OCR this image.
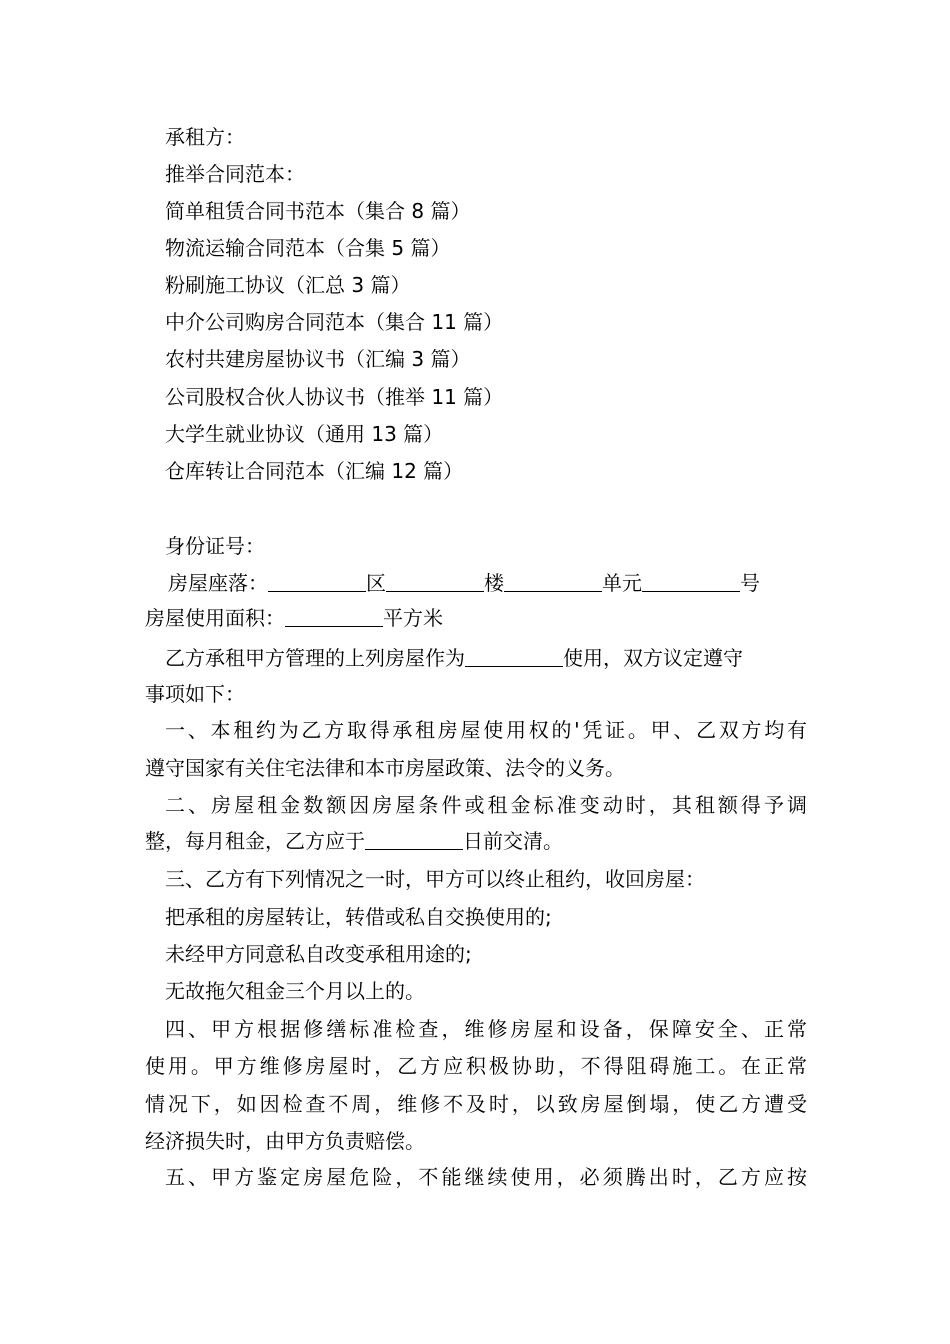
承租方：
推举合同范本：
简单租赁合同书范本（集合 8 篇）
物流运输合同范本（合集 5 篇）
粉刷施工协议（汇总 3 篇）
中介公司购房合同范本（集合 11 篇）
农村共建房屋协议书（汇编 3 篇）
公司股权合伙人协议书（推举 11 篇）
大学生就业协议（通用 13 篇）
仓库转让合同范本（汇编 12 篇）
身份证号：
房屋座落：	区	楼	单元	号
房屋使用面积：	平方米
乙方承租甲方管理的上列房屋作为	使用，双方议定遵守
事项如下：
一、本租约为乙方取得承租房屋使用权的'凭证。甲、乙双方均有
遵守国家有关住宅法律和本市房屋政策、法令的义务。
二、房屋租金数额因房屋条件或租金标准变动时，其租额得予调
整，每月租金，乙方应于	日前交清。
三、乙方有下列情况之一时，甲方可以终止租约，收回房屋：
把承租的房屋转让，转借或私自交换使用的;
未经甲方同意私自改变承租用途的;
无故拖欠租金三个月以上的。
四、甲方根据修缮标准检查，维修房屋和设备，保障安全、正常
使用。甲方维修房屋时，乙方应积极协助，不得阻碍施工。在正常
情况下，如因检查不周，维修不及时，以致房屋倒塌，使乙方遭受
经济损失时，由甲方负责赔偿。
五、甲方鉴定房屋危险，不能继续使用，必须腾出时，乙方应按
